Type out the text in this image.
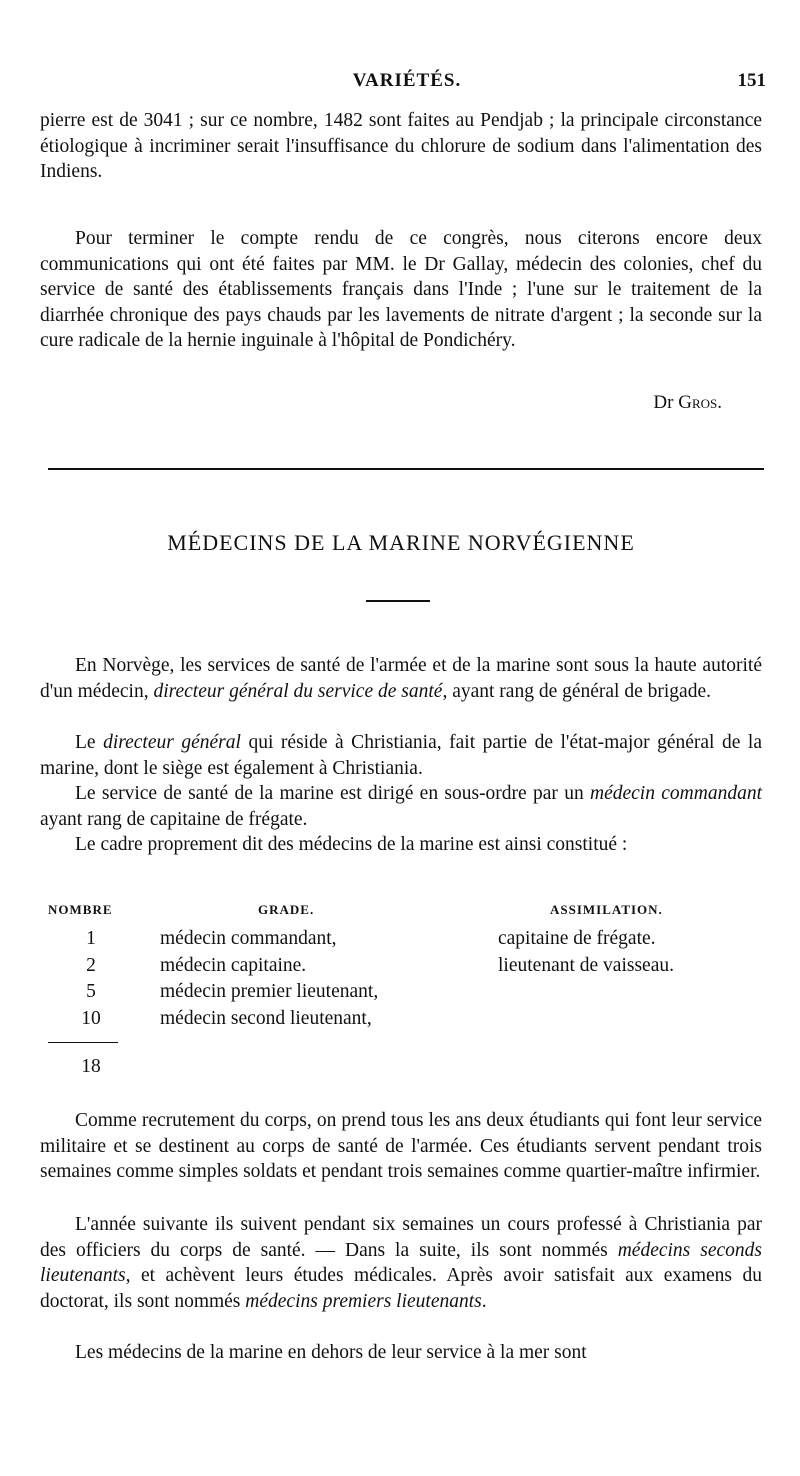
VARIÉTÉS.	151

pierre est de 3041 ; sur ce nombre, 1482 sont faites au Pendjab ; la principale circonstance étiologique à incriminer serait l'insuffisance du chlorure de sodium dans l'alimentation des Indiens.

Pour terminer le compte rendu de ce congrès, nous citerons encore deux communications qui ont été faites par MM. le Dr Gallay, médecin des colonies, chef du service de santé des établissements français dans l'Inde ; l'une sur le traitement de la diarrhée chronique des pays chauds par les lavements de nitrate d'argent ; la seconde sur la cure radicale de la hernie inguinale à l'hôpital de Pondichéry.

Dr Gros.
MÉDECINS DE LA MARINE NORVÉGIENNE

En Norvège, les services de santé de l'armée et de la marine sont sous la haute autorité d'un médecin, directeur général du service de santé, ayant rang de général de brigade.

Le directeur général qui réside à Christiania, fait partie de l'état-major général de la marine, dont le siège est également à Christiania.

Le service de santé de la marine est dirigé en sous-ordre par un médecin commandant ayant rang de capitaine de frégate.

Le cadre proprement dit des médecins de la marine est ainsi constitué :

NOMBRE	GRADE.	ASSIMILATION.
1	médecin commandant,	capitaine de frégate.
2	médecin capitaine.	lieutenant de vaisseau.
5	médecin premier lieutenant,
10	médecin second lieutenant,
18

Comme recrutement du corps, on prend tous les ans deux étudiants qui font leur service militaire et se destinent au corps de santé de l'armée. Ces étudiants servent pendant trois semaines comme simples soldats et pendant trois semaines comme quartier-maître infirmier.

L'année suivante ils suivent pendant six semaines un cours professé à Christiania par des officiers du corps de santé. — Dans la suite, ils sont nommés médecins seconds lieutenants, et achèvent leurs études médicales. Après avoir satisfait aux examens du doctorat, ils sont nommés médecins premiers lieutenants.

Les médecins de la marine en dehors de leur service à la mer sont
